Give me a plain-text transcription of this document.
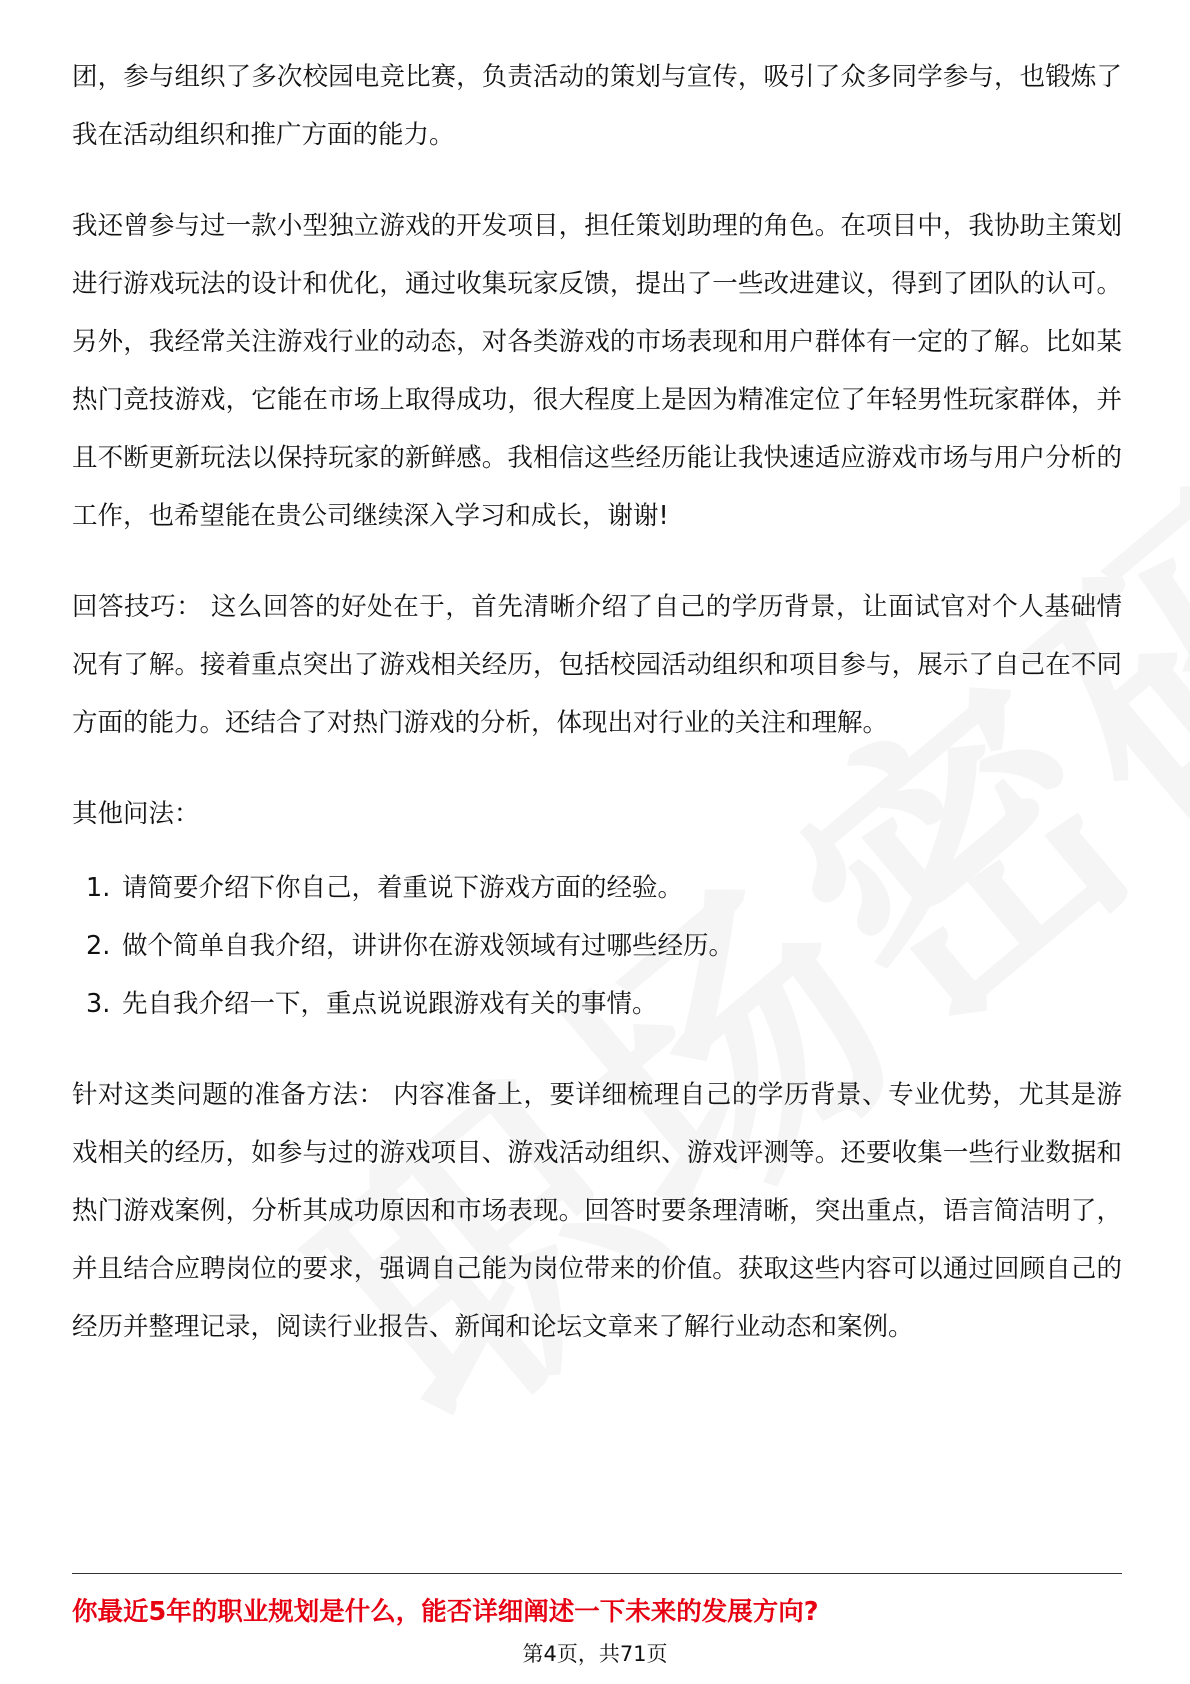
团，参与组织了多次校园电竞比赛，负责活动的策划与宣传，吸引了众多同学参与，也锻炼了我在活动组织和推广方面的能力。

我还曾参与过一款小型独立游戏的开发项目，担任策划助理的角色。在项目中，我协助主策划进行游戏玩法的设计和优化，通过收集玩家反馈，提出了一些改进建议，得到了团队的认可。另外，我经常关注游戏行业的动态，对各类游戏的市场表现和用户群体有一定的了解。比如某热门竞技游戏，它能在市场上取得成功，很大程度上是因为精准定位了年轻男性玩家群体，并且不断更新玩法以保持玩家的新鲜感。我相信这些经历能让我快速适应游戏市场与用户分析的工作，也希望能在贵公司继续深入学习和成长，谢谢!

回答技巧： 这么回答的好处在于，首先清晰介绍了自己的学历背景，让面试官对个人基础情况有了解。接着重点突出了游戏相关经历，包括校园活动组织和项目参与，展示了自己在不同方面的能力。还结合了对热门游戏的分析，体现出对行业的关注和理解。

其他问法：

1. 请简要介绍下你自己，着重说下游戏方面的经验。
2. 做个简单自我介绍，讲讲你在游戏领域有过哪些经历。
3. 先自我介绍一下，重点说说跟游戏有关的事情。

针对这类问题的准备方法： 内容准备上，要详细梳理自己的学历背景、专业优势，尤其是游戏相关的经历，如参与过的游戏项目、游戏活动组织、游戏评测等。还要收集一些行业数据和热门游戏案例，分析其成功原因和市场表现。回答时要条理清晰，突出重点，语言简洁明了，并且结合应聘岗位的要求，强调自己能为岗位带来的价值。获取这些内容可以通过回顾自己的经历并整理记录，阅读行业报告、新闻和论坛文章来了解行业动态和案例。

你最近5年的职业规划是什么，能否详细阐述一下未来的发展方向?
第4页，共71页
